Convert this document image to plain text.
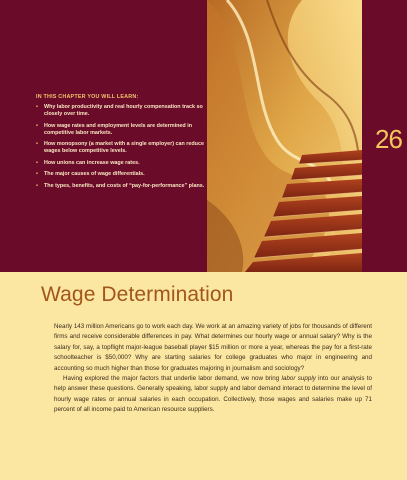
26
IN THIS CHAPTER YOU WILL LEARN:
• Why labor productivity and real hourly compensation track so closely over time.
• How wage rates and employment levels are determined in competitive labor markets.
• How monopsony (a market with a single employer) can reduce wages below competitive levels.
• How unions can increase wage rates.
• The major causes of wage differentials.
• The types, benefits, and costs of “pay-for-performance” plans.
Wage Determination

Nearly 143 million Americans go to work each day. We work at an amazing variety of jobs for thousands of different firms and receive considerable differences in pay. What determines our hourly wage or annual salary? Why is the salary for, say, a topflight major-league baseball player $15 million or more a year, whereas the pay for a first-rate schoolteacher is $50,000? Why are starting salaries for college graduates who major in engineering and accounting so much higher than those for graduates majoring in journalism and sociology?

Having explored the major factors that underlie labor demand, we now bring labor supply into our analysis to help answer these questions. Generally speaking, labor supply and labor demand interact to determine the level of hourly wage rates or annual salaries in each occupation. Collectively, those wages and salaries make up 71 percent of all income paid to American resource suppliers.
